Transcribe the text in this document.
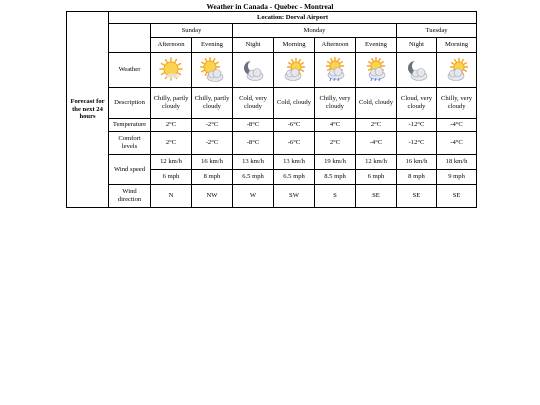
Weather in Canada - Quebec - Montreal
Forecast for the next 24 hours	Location: Dorval Airport								
		Sunday		Monday				Tuesday	
		Afternoon	Evening	Night	Morning	Afternoon	Evening	Night	Morning
	Weather	

	Description	Chilly, partly cloudy	Chilly, partly cloudy	Cold, very cloudy	Cold, cloudy	Chilly, very cloudy	Cold, cloudy	Cloud, very cloudy	Chilly, very cloudy
	Temperature	2°C	-2°C	-8°C	-6°C	4°C	2°C	-12°C	-4°C
	Comfort levels	2°C	-2°C	-8°C	-6°C	2°C	-4°C	-12°C	-4°C
	Wind speed	12 km/h	16 km/h	13 km/h	13 km/h	19 km/h	12 km/h	16 km/h	18 km/h
		6 mph	8 mph	6.5 mph	6.5 mph	8.5 mph	6 mph	8 mph	9 mph
	Wind direction	N	NW	W	SW	S	SE	SE	SE
